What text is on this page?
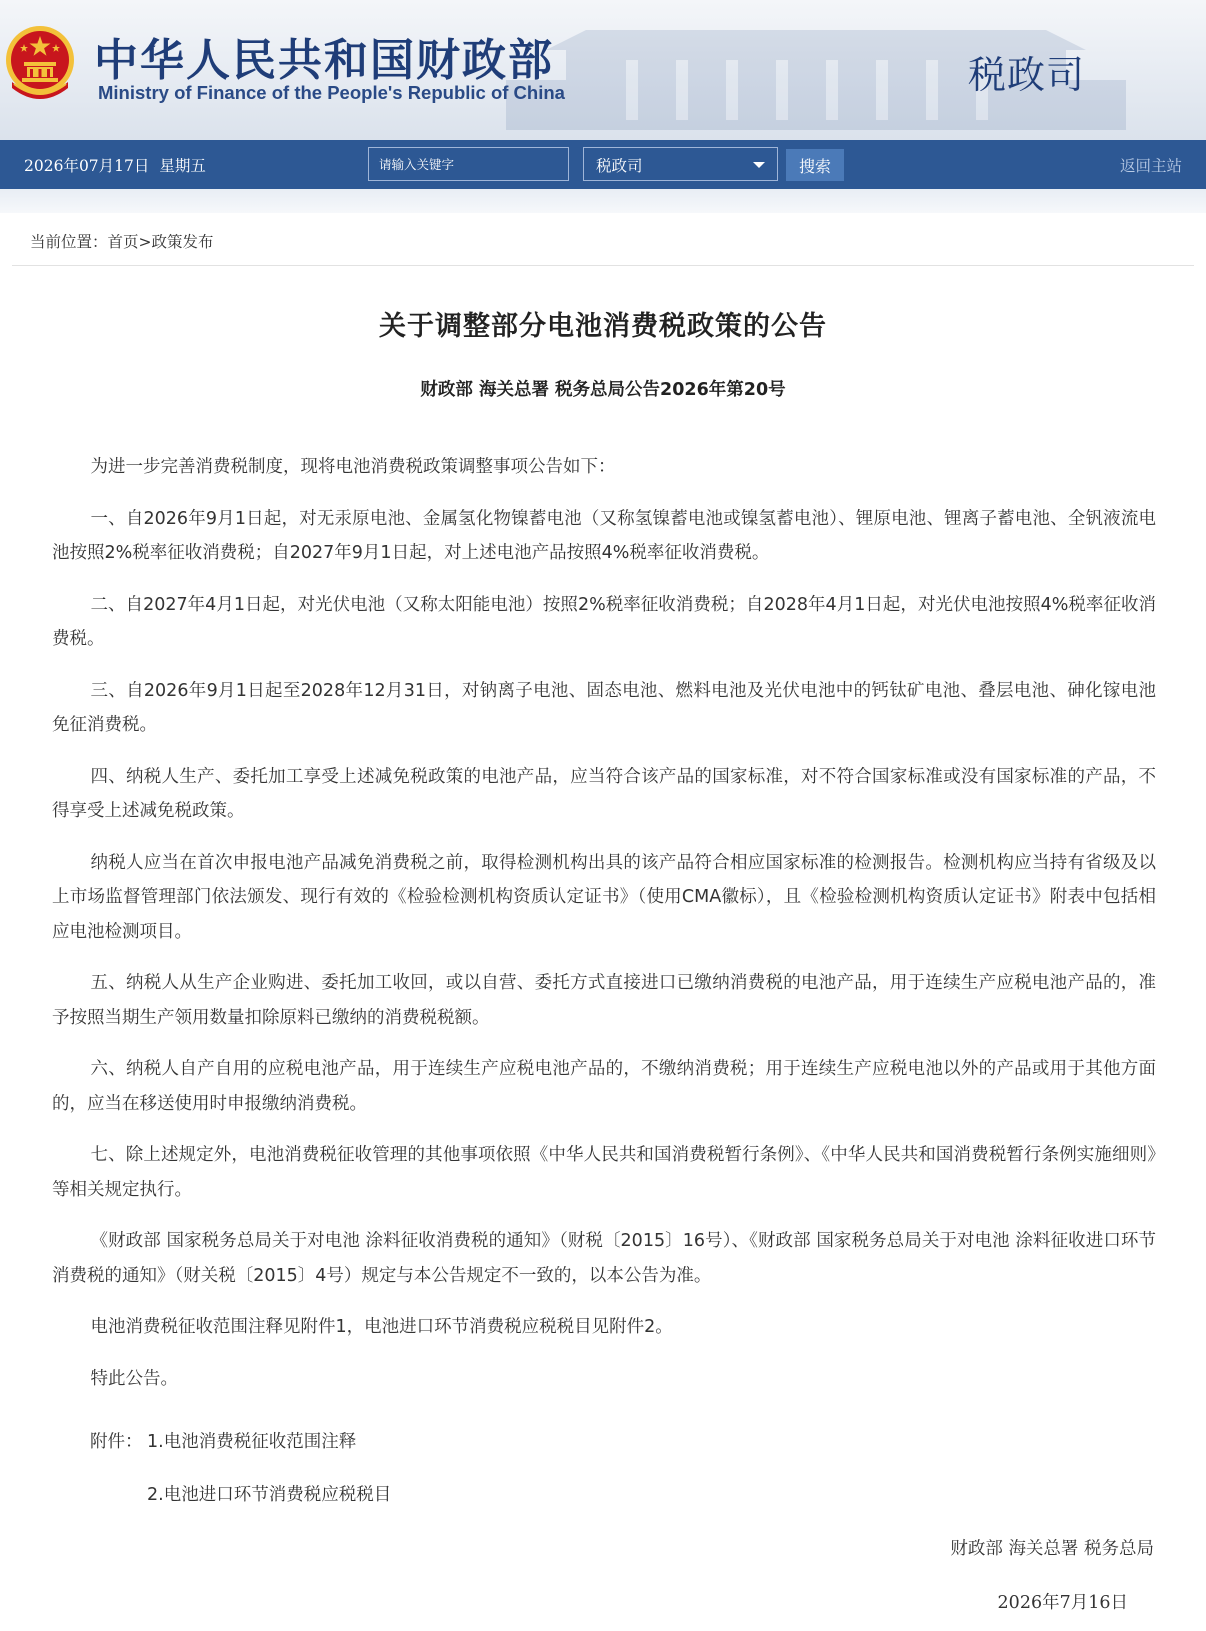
中华人民共和国财政部
Ministry of Finance of the People's Republic of China	税政司
2026年07月17日 星期五
请输入关键字	税政司	搜索	返回主站
当前位置：首页>政策发布
关于调整部分电池消费税政策的公告
财政部 海关总署 税务总局公告2026年第20号

为进一步完善消费税制度，现将电池消费税政策调整事项公告如下：

一、自2026年9月1日起，对无汞原电池、金属氢化物镍蓄电池（又称氢镍蓄电池或镍氢蓄电池）、锂原电池、锂离子蓄电池、全钒液流电池按照2%税率征收消费税；自2027年9月1日起，对上述电池产品按照4%税率征收消费税。

二、自2027年4月1日起，对光伏电池（又称太阳能电池）按照2%税率征收消费税；自2028年4月1日起，对光伏电池按照4%税率征收消费税。

三、自2026年9月1日起至2028年12月31日，对钠离子电池、固态电池、燃料电池及光伏电池中的钙钛矿电池、叠层电池、砷化镓电池免征消费税。

四、纳税人生产、委托加工享受上述减免税政策的电池产品，应当符合该产品的国家标准，对不符合国家标准或没有国家标准的产品，不得享受上述减免税政策。

纳税人应当在首次申报电池产品减免消费税之前，取得检测机构出具的该产品符合相应国家标准的检测报告。检测机构应当持有省级及以上市场监督管理部门依法颁发、现行有效的《检验检测机构资质认定证书》（使用CMA徽标），且《检验检测机构资质认定证书》附表中包括相应电池检测项目。

五、纳税人从生产企业购进、委托加工收回，或以自营、委托方式直接进口已缴纳消费税的电池产品，用于连续生产应税电池产品的，准予按照当期生产领用数量扣除原料已缴纳的消费税税额。

六、纳税人自产自用的应税电池产品，用于连续生产应税电池产品的，不缴纳消费税；用于连续生产应税电池以外的产品或用于其他方面的，应当在移送使用时申报缴纳消费税。

七、除上述规定外，电池消费税征收管理的其他事项依照《中华人民共和国消费税暂行条例》、《中华人民共和国消费税暂行条例实施细则》等相关规定执行。

《财政部 国家税务总局关于对电池 涂料征收消费税的通知》（财税〔2015〕16号）、《财政部 国家税务总局关于对电池 涂料征收进口环节消费税的通知》（财关税〔2015〕4号）规定与本公告规定不一致的，以本公告为准。

电池消费税征收范围注释见附件1，电池进口环节消费税应税税目见附件2。

特此公告。

附件： 1.电池消费税征收范围注释
2.电池进口环节消费税应税税目
财政部 海关总署 税务总局
2026年7月16日
